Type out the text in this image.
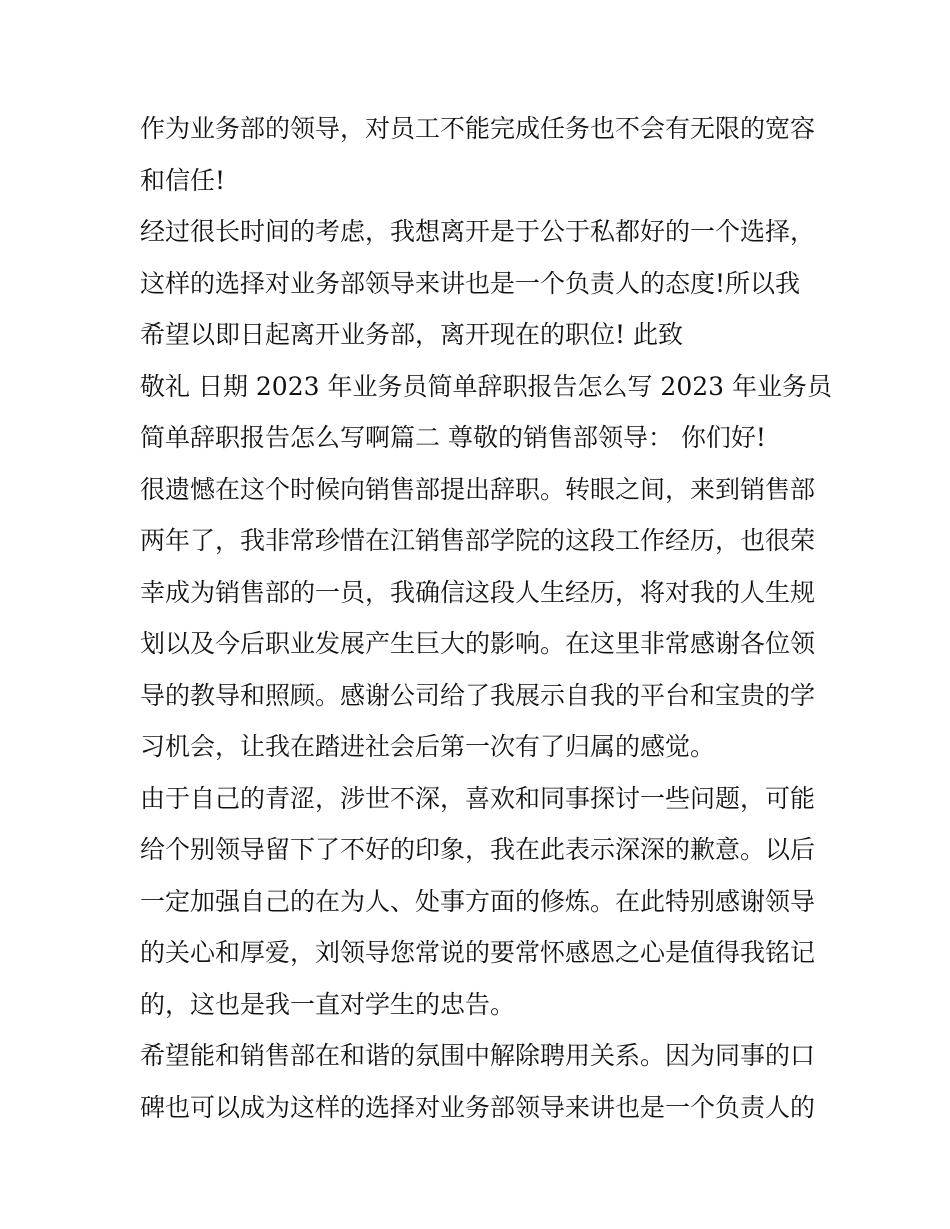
作为业务部的领导，对员工不能完成任务也不会有无限的宽容
和信任!
经过很长时间的考虑，我想离开是于公于私都好的一个选择，
这样的选择对业务部领导来讲也是一个负责人的态度!所以我
希望以即日起离开业务部，离开现在的职位! 此致
敬礼 日期 2023 年业务员简单辞职报告怎么写 2023 年业务员
简单辞职报告怎么写啊篇二 尊敬的销售部领导： 你们好!
很遗憾在这个时候向销售部提出辞职。转眼之间，来到销售部
两年了，我非常珍惜在江销售部学院的这段工作经历，也很荣
幸成为销售部的一员，我确信这段人生经历，将对我的人生规
划以及今后职业发展产生巨大的影响。在这里非常感谢各位领
导的教导和照顾。感谢公司给了我展示自我的平台和宝贵的学
习机会，让我在踏进社会后第一次有了归属的感觉。
由于自己的青涩，涉世不深，喜欢和同事探讨一些问题，可能
给个别领导留下了不好的印象，我在此表示深深的歉意。以后
一定加强自己的在为人、处事方面的修炼。在此特别感谢领导
的关心和厚爱，刘领导您常说的要常怀感恩之心是值得我铭记
的，这也是我一直对学生的忠告。
希望能和销售部在和谐的氛围中解除聘用关系。因为同事的口
碑也可以成为这样的选择对业务部领导来讲也是一个负责人的
